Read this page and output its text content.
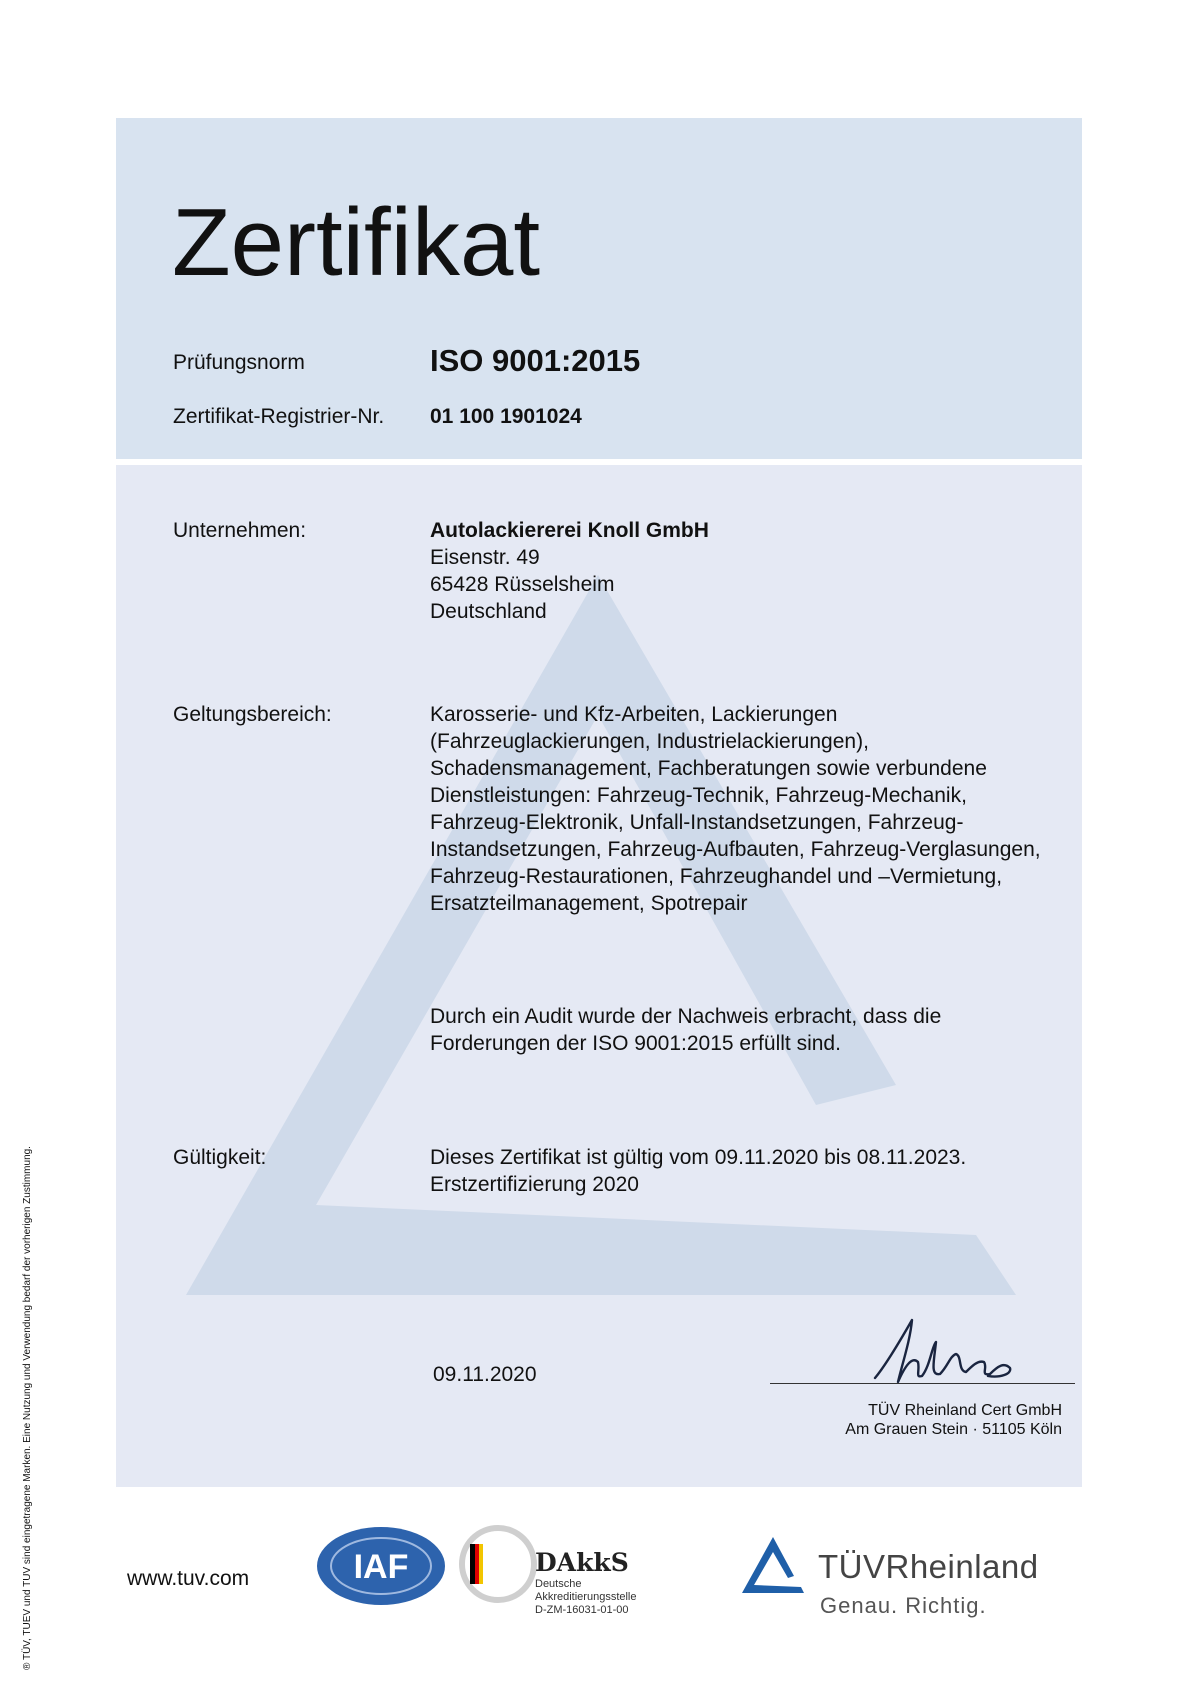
Zertifikat
Prüfungsnorm	ISO 9001:2015
Zertifikat-Registrier-Nr. 01 100 1901024
Unternehmen:	Autolackiererei Knoll GmbH
Eisenstr. 49
65428 Rüsselsheim
Deutschland
Geltungsbereich:	Karosserie- und Kfz-Arbeiten, Lackierungen
(Fahrzeuglackierungen, Industrielackierungen),
Schadensmanagement, Fachberatungen sowie verbundene
Dienstleistungen: Fahrzeug-Technik, Fahrzeug-Mechanik,
Fahrzeug-Elektronik, Unfall-Instandsetzungen, Fahrzeug-
Instandsetzungen, Fahrzeug-Aufbauten, Fahrzeug-Verglasungen,
Fahrzeug-Restaurationen, Fahrzeughandel und –Vermietung,
Ersatzteilmanagement, Spotrepair
Durch ein Audit wurde der Nachweis erbracht, dass die
Forderungen der ISO 9001:2015 erfüllt sind.
Gültigkeit:	Dieses Zertifikat ist gültig vom 09.11.2020 bis 08.11.2023.
Erstzertifizierung 2020
09.11.2020
TÜV Rheinland Cert GmbH
Am Grauen Stein · 51105 Köln
® TÜV, TUEV und TUV sind eingetragene Marken. Eine Nutzung und Verwendung bedarf der vorherigen Zustimmung.	www.tuv.com	IAF	DAkkS
Deutsche
Akkreditierungsstelle
D-ZM-16031-01-00
TÜVRheinland
Genau. Richtig.
